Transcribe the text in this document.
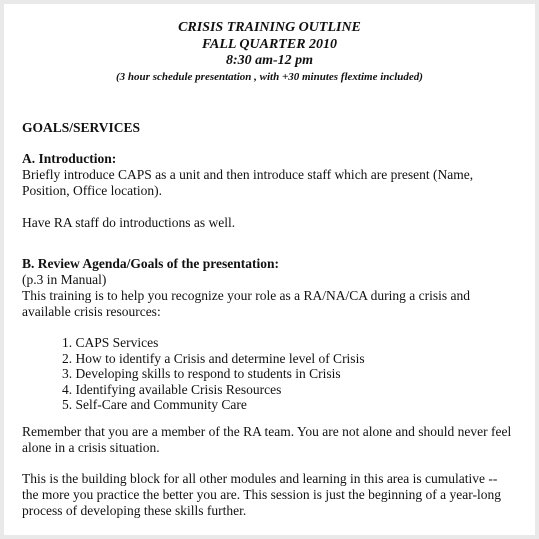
CRISIS TRAINING OUTLINE
FALL QUARTER 2010
8:30 am-12 pm
(3 hour schedule presentation , with +30 minutes flextime included)
GOALS/SERVICES
A. Introduction:
Briefly introduce CAPS as a unit and then introduce staff which are present (Name,
Position, Office location).
Have RA staff do introductions as well.
B. Review Agenda/Goals of the presentation:
(p.3 in Manual)
This training is to help you recognize your role as a RA/NA/CA during a crisis and
available crisis resources:
1. CAPS Services
2. How to identify a Crisis and determine level of Crisis
3. Developing skills to respond to students in Crisis
4. Identifying available Crisis Resources
5. Self-Care and Community Care
Remember that you are a member of the RA team. You are not alone and should never feel
alone in a crisis situation.
This is the building block for all other modules and learning in this area is cumulative --
the more you practice the better you are. This session is just the beginning of a year-long
process of developing these skills further.
